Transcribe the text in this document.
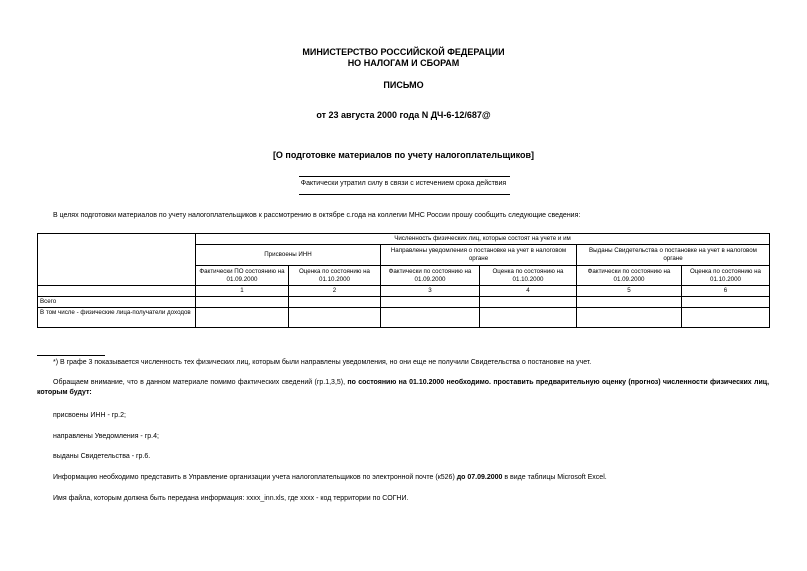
МИНИСТЕРСТВО РОССИЙСКОЙ ФЕДЕРАЦИИ
НО НАЛОГАМ И СБОРАМ
ПИСЬМО
от 23 августа 2000 года N ДЧ-6-12/687@
[О подготовке материалов по учету налогоплательщиков]
Фактически утратил силу в связи с истечением срока действия
В целях подготовки материалов по учету налогоплательщиков к рассмотрению в октябре с.года на коллегии МНС России прошу сообщить следующие сведения:
	Численность физических лиц, которые состоят на учете и им					
	Присвоены ИНН		Направлены уведомления о постановке на учет в налоговом органе		Выданы Свидетельства о постановке на учет в налоговом органе	
	Фактически ПО состоянию на 01.09.2000	Оценка по состоянию на 01.10.2000	Фактически по состоянию на 01.09.2000	Оценка по состоянию на 01.10.2000	Фактически по состоянию на 01.09.2000	Оценка по состоянию на 01.10.2000
	1	2	3	4	5	6
Всего						
В том числе - физические лица-получатели доходов						
*) В графе 3 показывается численность тех физических лиц, которым были направлены уведомления, но они еще не получили Свидетельства о постановке на учет.
Обращаем внимание, что в данном материале помимо фактических сведений (гр.1,3,5), по состоянию на 01.10.2000 необходимо. проставить предварительную оценку (прогноз) численности физических лиц, которым будут:
присвоены ИНН - гр.2;
направлены Уведомления - гр.4;
выданы Свидетельства - гр.6.
Информацию необходимо представить в Управление организации учета налогоплательщиков по электронной почте (к526) до 07.09.2000 в виде таблицы Microsoft Excel.
Имя файла, которым должна быть передана информация: xxxx_inn.xls, где xxxx - код территории по СОГНИ.
